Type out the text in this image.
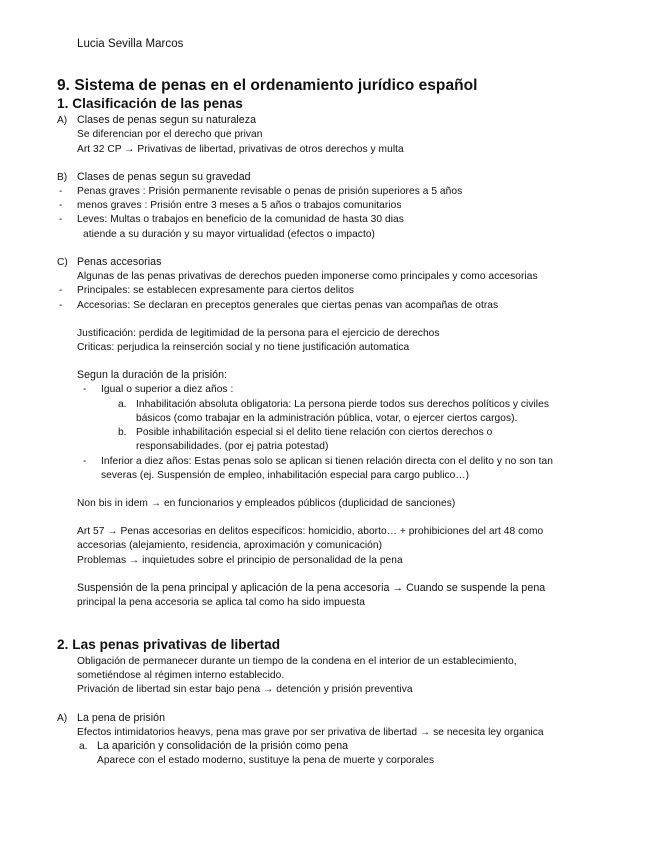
Lucia Sevilla Marcos
9. Sistema de penas en el ordenamiento jurídico español
1. Clasificación de las penas
A) Clases de penas segun su naturaleza
Se diferencian por el derecho que privan
Art 32 CP → Privativas de libertad, privativas de otros derechos y multa
B) Clases de penas segun su gravedad
- Penas graves : Prisión permanente revisable o penas de prisión superiores a 5 años
- menos graves : Prisión entre 3 meses a 5 años o trabajos comunitarios
- Leves: Multas o trabajos en beneficio de la comunidad de hasta 30 dias
atiende a su duración y su mayor virtualidad (efectos o impacto)
C) Penas accesorias
Algunas de las penas privativas de derechos pueden imponerse como principales y como accesorias
- Principales: se establecen expresamente para ciertos delitos
- Accesorias: Se declaran en preceptos generales que ciertas penas van acompañas de otras
Justificación: perdida de legitimidad de la persona para el ejercicio de derechos
Criticas: perjudica la reinserción social y no tiene justificación automatica
Segun la duración de la prisión:
- Igual o superior a diez años :
a. Inhabilitación absoluta obligatoria: La persona pierde todos sus derechos políticos y civiles
básicos (como trabajar en la administración pública, votar, o ejercer ciertos cargos).
b. Posible inhabilitación especial si el delito tiene relación con ciertos derechos o
responsabilidades. (por ej patria potestad)
- Inferior a diez años: Estas penas solo se aplican si tienen relación directa con el delito y no son tan
severas (ej. Suspensión de empleo, inhabilitación especial para cargo publico…)
Non bis in idem → en funcionarios y empleados públicos (duplicidad de sanciones)
Art 57 → Penas accesorias en delitos especificos: homicidio, aborto… + prohibiciones del art 48 como
accesorias (alejamiento, residencia, aproximación y comunicación)
Problemas → inquietudes sobre el principio de personalidad de la pena
Suspensión de la pena principal y aplicación de la pena accesoria → Cuando se suspende la pena
principal la pena accesoria se aplica tal como ha sido impuesta
2. Las penas privativas de libertad
Obligación de permanecer durante un tiempo de la condena en el interior de un establecimiento,
sometiéndose al régimen interno establecido.
Privación de libertad sin estar bajo pena → detención y prisión preventiva
A) La pena de prisión
Efectos intimidatorios heavys, pena mas grave por ser privativa de libertad → se necesita ley organica
a. La aparición y consolidación de la prisión como pena
Aparece con el estado moderno, sustituye la pena de muerte y corporales
